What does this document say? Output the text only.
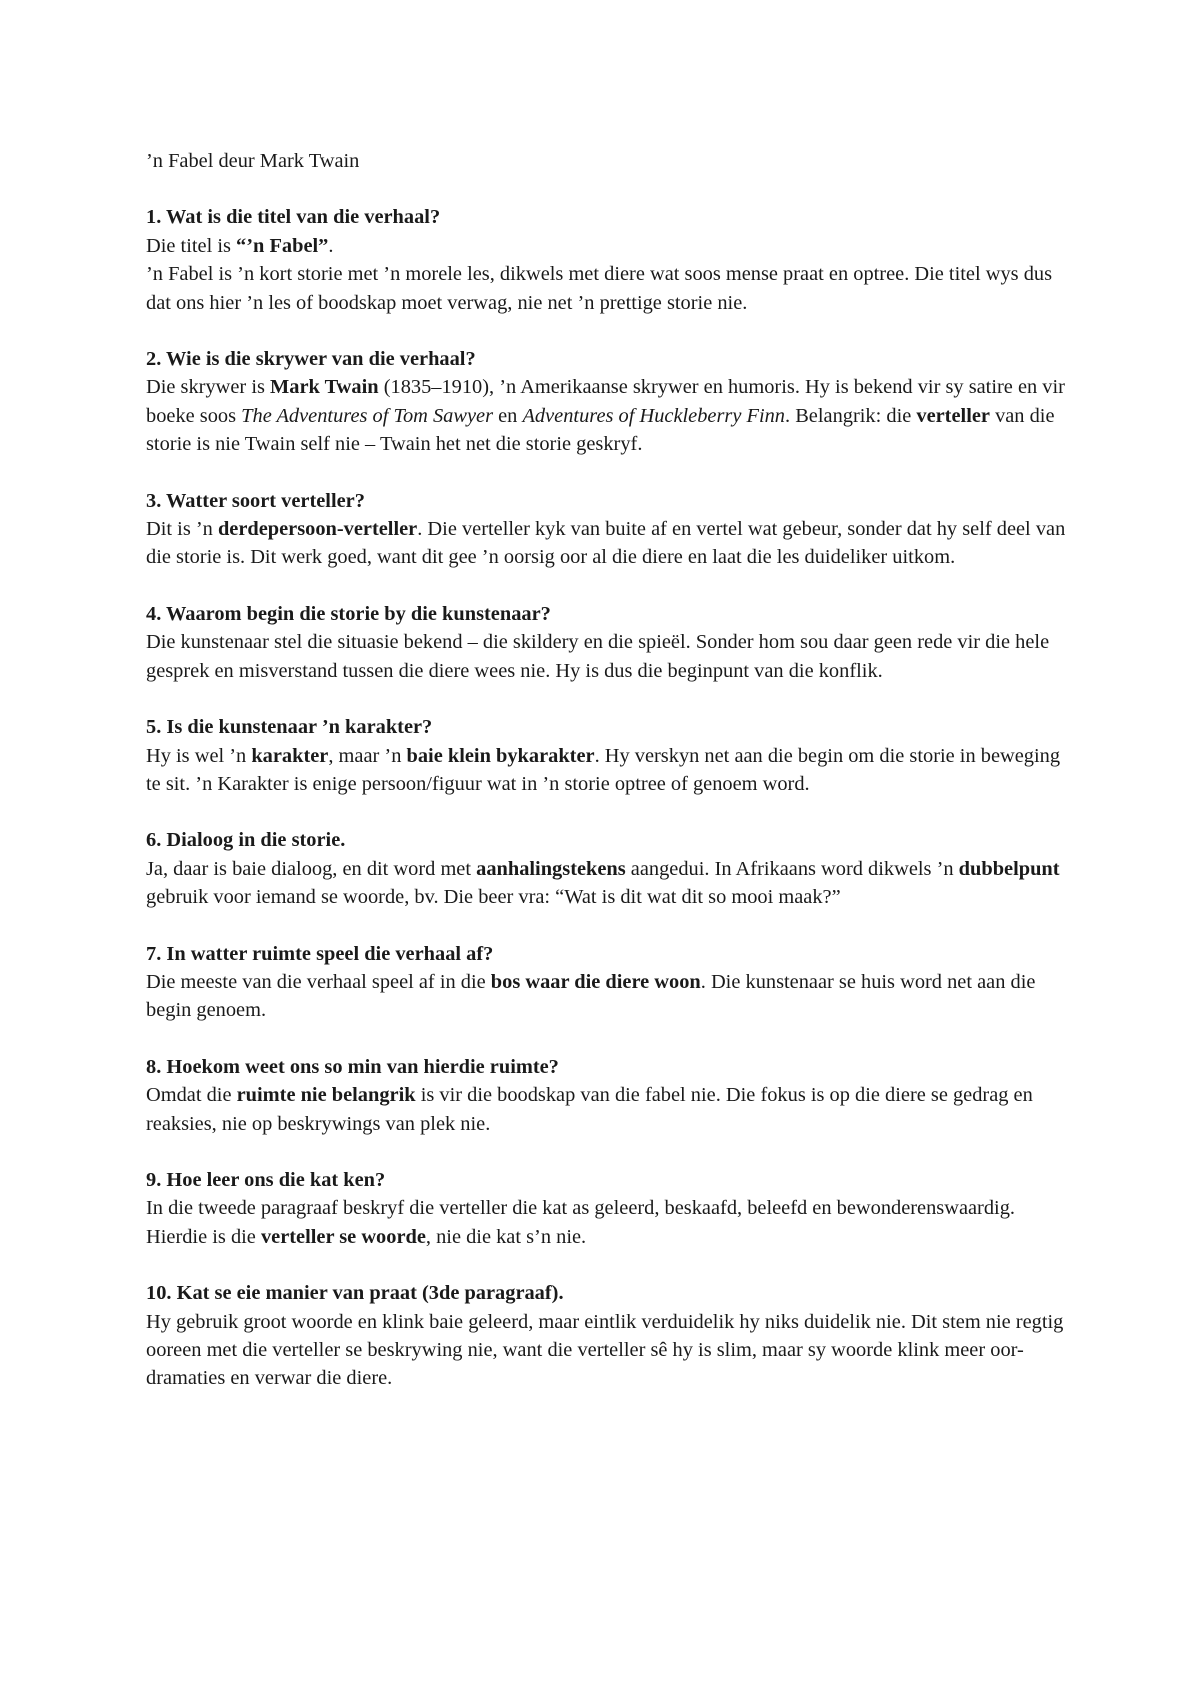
’n Fabel deur Mark Twain

1. Wat is die titel van die verhaal?

Die titel is “’n Fabel”.

’n Fabel is ’n kort storie met ’n morele les, dikwels met diere wat soos mense praat en optree. Die titel wys dus dat ons hier ’n les of boodskap moet verwag, nie net ’n prettige storie nie.

2. Wie is die skrywer van die verhaal?

Die skrywer is Mark Twain (1835–1910), ’n Amerikaanse skrywer en humoris. Hy is bekend vir sy satire en vir boeke soos The Adventures of Tom Sawyer en Adventures of Huckleberry Finn. Belangrik: die verteller van die storie is nie Twain self nie – Twain het net die storie geskryf.

3. Watter soort verteller?

Dit is ’n derdepersoon-verteller. Die verteller kyk van buite af en vertel wat gebeur, sonder dat hy self deel van die storie is. Dit werk goed, want dit gee ’n oorsig oor al die diere en laat die les duideliker uitkom.

4. Waarom begin die storie by die kunstenaar?

Die kunstenaar stel die situasie bekend – die skildery en die spieël. Sonder hom sou daar geen rede vir die hele gesprek en misverstand tussen die diere wees nie. Hy is dus die beginpunt van die konflik.

5. Is die kunstenaar ’n karakter?

Hy is wel ’n karakter, maar ’n baie klein bykarakter. Hy verskyn net aan die begin om die storie in beweging te sit. ’n Karakter is enige persoon/figuur wat in ’n storie optree of genoem word.

6. Dialoog in die storie.

Ja, daar is baie dialoog, en dit word met aanhalingstekens aangedui. In Afrikaans word dikwels ’n dubbelpunt gebruik voor iemand se woorde, bv. Die beer vra: “Wat is dit wat dit so mooi maak?”

7. In watter ruimte speel die verhaal af?

Die meeste van die verhaal speel af in die bos waar die diere woon. Die kunstenaar se huis word net aan die begin genoem.

8. Hoekom weet ons so min van hierdie ruimte?

Omdat die ruimte nie belangrik is vir die boodskap van die fabel nie. Die fokus is op die diere se gedrag en reaksies, nie op beskrywings van plek nie.

9. Hoe leer ons die kat ken?

In die tweede paragraaf beskryf die verteller die kat as geleerd, beskaafd, beleefd en bewonderenswaardig. Hierdie is die verteller se woorde, nie die kat s’n nie.

10. Kat se eie manier van praat (3de paragraaf).

Hy gebruik groot woorde en klink baie geleerd, maar eintlik verduidelik hy niks duidelik nie. Dit stem nie regtig ooreen met die verteller se beskrywing nie, want die verteller sê hy is slim, maar sy woorde klink meer oor-dramaties en verwar die diere.
